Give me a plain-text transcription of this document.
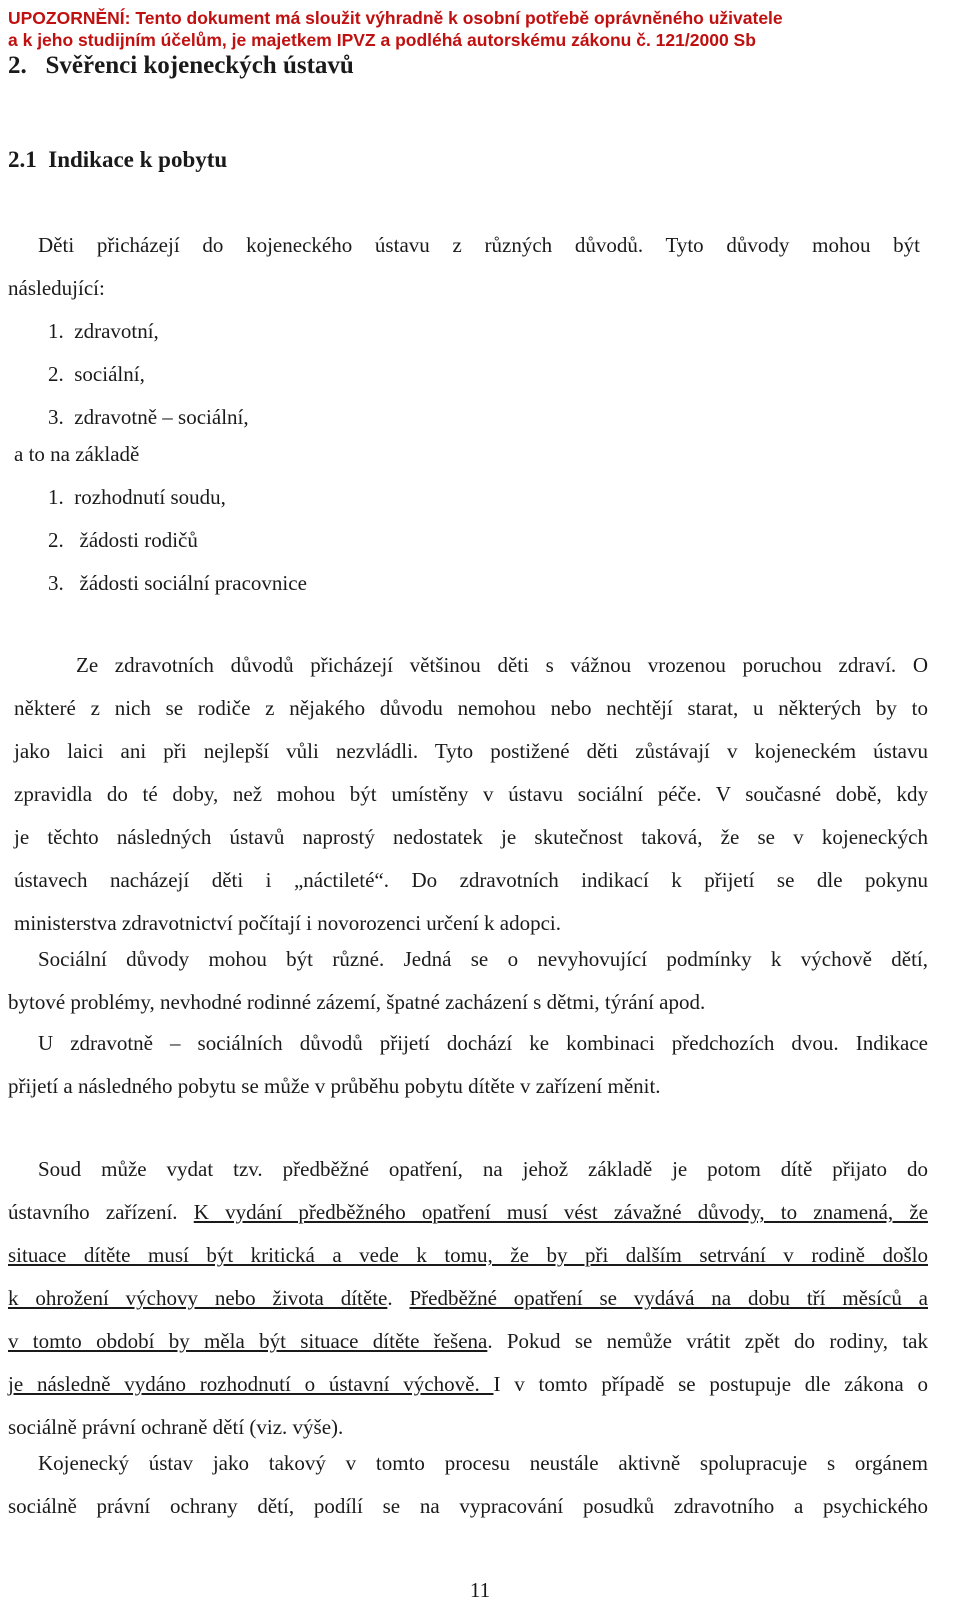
UPOZORNĚNÍ: Tento dokument má sloužit výhradně k osobní potřebě oprávněného uživatele
a k jeho studijním účelům, je majetkem IPVZ a podléhá autorskému zákonu č. 121/2000 Sb
2.   Svěřenci kojeneckých ústavů
2.1  Indikace k pobytu
Děti přicházejí do kojeneckého ústavu z různých důvodů. Tyto důvody mohou být
následující:
1.  zdravotní,
2.  sociální,
3.  zdravotně – sociální,
a to na základě
1.  rozhodnutí soudu,
2.   žádosti rodičů
3.   žádosti sociální pracovnice
Ze zdravotních důvodů přicházejí většinou děti s vážnou vrozenou poruchou zdraví. O
některé z nich se rodiče z nějakého důvodu nemohou nebo nechtějí starat, u některých by to
jako laici ani při nejlepší vůli nezvládli. Tyto postižené děti zůstávají v kojeneckém ústavu
zpravidla do té doby, než mohou být umístěny v ústavu sociální péče. V současné době, kdy
je těchto následných ústavů naprostý nedostatek je skutečnost taková, že se v kojeneckých
ústavech nacházejí děti i „náctileté“. Do zdravotních indikací k přijetí se dle pokynu
ministerstva zdravotnictví počítají i novorozenci určení k adopci.
Sociální důvody mohou být různé. Jedná se o nevyhovující podmínky k výchově dětí,
bytové problémy, nevhodné rodinné zázemí, špatné zacházení s dětmi, týrání apod.
U zdravotně – sociálních důvodů přijetí dochází ke kombinaci předchozích dvou. Indikace
přijetí a následného pobytu se může v průběhu pobytu dítěte v zařízení měnit.
Soud může vydat tzv. předběžné opatření, na jehož základě je potom dítě přijato do
ústavního zařízení. K vydání předběžného opatření musí vést závažné důvody, to znamená, že
situace dítěte musí být kritická a vede k tomu, že by při dalším setrvání v rodině došlo
k ohrožení výchovy nebo života dítěte. Předběžné opatření se vydává na dobu tří měsíců a
v tomto období by měla být situace dítěte řešena. Pokud se nemůže vrátit zpět do rodiny, tak
je následně vydáno rozhodnutí o ústavní výchově. I v tomto případě se postupuje dle zákona o
sociálně právní ochraně dětí (viz. výše).
Kojenecký ústav jako takový v tomto procesu neustále aktivně spolupracuje s orgánem
sociálně právní ochrany dětí, podílí se na vypracování posudků zdravotního a psychického
11
